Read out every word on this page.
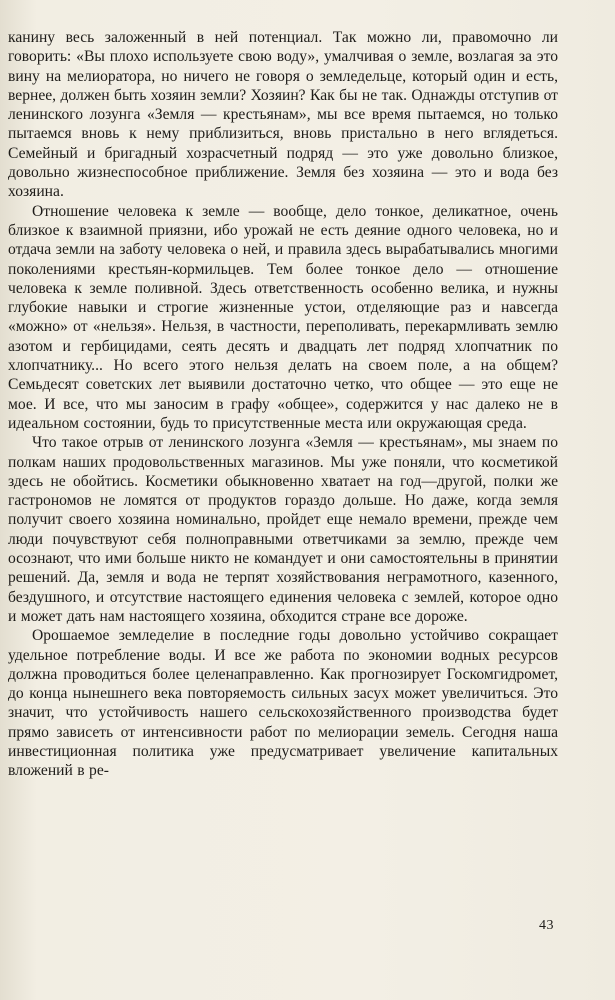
канину весь заложенный в ней потенциал. Так можно ли, правомочно ли говорить: «Вы плохо используете свою воду», умалчивая о земле, возлагая за это вину на мелиоратора, но ничего не говоря о земледельце, который один и есть, вернее, должен быть хозяин земли? Хозяин? Как бы не так. Однажды отступив от ленинского лозунга «Земля — крестьянам», мы все время пытаемся, но только пытаемся вновь к нему приблизиться, вновь пристально в него вглядеться. Семейный и бригадный хозрасчетный подряд — это уже довольно близкое, довольно жизнеспособное приближение. Земля без хозяина — это и вода без хозяина.

Отношение человека к земле — вообще, дело тонкое, деликатное, очень близкое к взаимной приязни, ибо урожай не есть деяние одного человека, но и отдача земли на заботу человека о ней, и правила здесь вырабатывались многими поколениями крестьян-кормильцев. Тем более тонкое дело — отношение человека к земле поливной. Здесь ответственность особенно велика, и нужны глубокие навыки и строгие жизненные устои, отделяющие раз и навсегда «можно» от «нельзя». Нельзя, в частности, переполивать, перекармливать землю азотом и гербицидами, сеять десять и двадцать лет подряд хлопчатник по хлопчатнику... Но всего этого нельзя делать на своем поле, а на общем? Семьдесят советских лет выявили достаточно четко, что общее — это еще не мое. И все, что мы заносим в графу «общее», содержится у нас далеко не в идеальном состоянии, будь то присутственные места или окружающая среда.

Что такое отрыв от ленинского лозунга «Земля — крестьянам», мы знаем по полкам наших продовольственных магазинов. Мы уже поняли, что косметикой здесь не обойтись. Косметики обыкновенно хватает на год—другой, полки же гастрономов не ломятся от продуктов гораздо дольше. Но даже, когда земля получит своего хозяина номинально, пройдет еще немало времени, прежде чем люди почувствуют себя полноправными ответчиками за землю, прежде чем осознают, что ими больше никто не командует и они самостоятельны в принятии решений. Да, земля и вода не терпят хозяйствования неграмотного, казенного, бездушного, и отсутствие настоящего единения человека с землей, которое одно и может дать нам настоящего хозяина, обходится стране все дороже.

Орошаемое земледелие в последние годы довольно устойчиво сокращает удельное потребление воды. И все же работа по экономии водных ресурсов должна проводиться более целенаправленно. Как прогнозирует Госкомгидромет, до конца нынешнего века повторяемость сильных засух может увеличиться. Это значит, что устойчивость нашего сельскохозяйственного производства будет прямо зависеть от интенсивности работ по мелиорации земель. Сегодня наша инвестиционная политика уже предусматривает увеличение капитальных вложений в ре-

43
